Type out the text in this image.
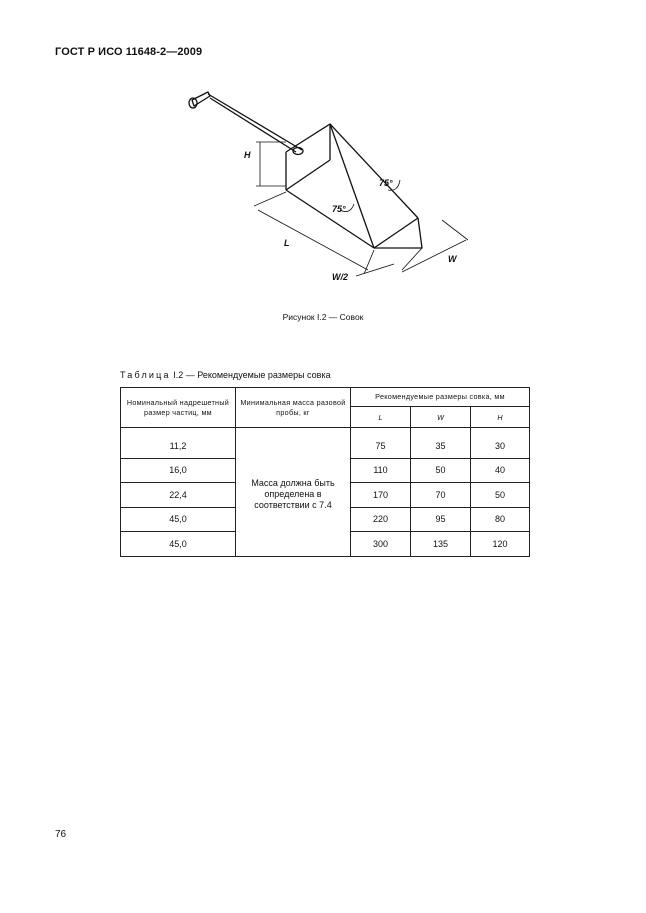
ГОСТ Р ИСО 11648-2—2009
H
L
W
W/2
75°
75°
Рисунок I.2 — Совок
Таблица I.2 — Рекомендуемые размеры совка
Номинальный надрешетный размер частиц, мм	Минимальная масса разовой пробы, кг	Рекомендуемые размеры совка, мм		
		L	W	H
11,2	Масса должна быть определена в соответствии с 7.4	75	35	30
16,0		110	50	40
22,4		170	70	50
45,0		220	95	80
45,0		300	135	120
76
